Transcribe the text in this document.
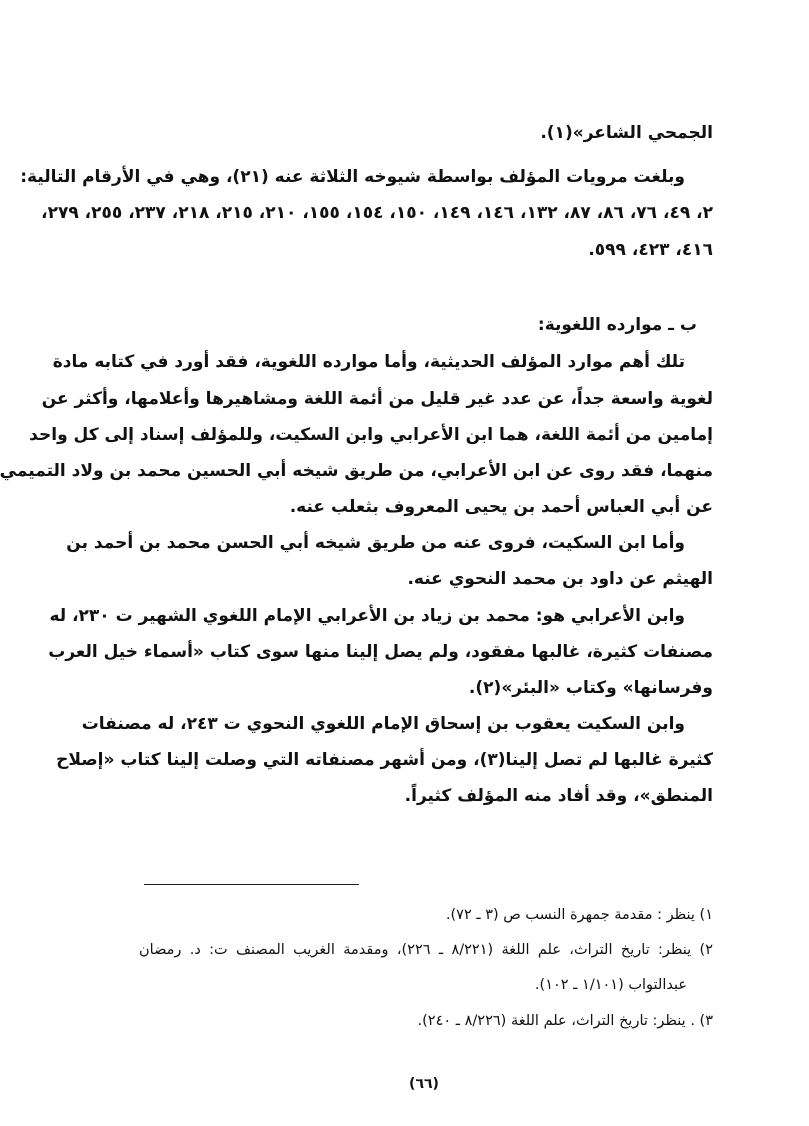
الجمحي الشاعر»(١).
وبلغت مرويات المؤلف بواسطة شيوخه الثلاثة عنه (٢١)، وهي في الأرقام التالية:
٢، ٤٩، ٧٦، ٨٦، ٨٧، ١٣٢، ١٤٦، ١٤٩، ١٥٠، ١٥٤، ١٥٥، ٢١٠، ٢١٥، ٢١٨، ٢٣٧، ٢٥٥، ٢٧٩،
٤١٦، ٤٢٣، ٥٩٩.
ب ـ موارده اللغوية:
تلك أهم موارد المؤلف الحديثية، وأما موارده اللغوية، فقد أورد في كتابه مادة
لغوية واسعة جداً، عن عدد غير قليل من أئمة اللغة ومشاهيرها وأعلامها، وأكثر عن
إمامين من أئمة اللغة، هما ابن الأعرابي وابن السكيت، وللمؤلف إسناد إلى كل واحد
منهما، فقد روى عن ابن الأعرابي، من طريق شيخه أبي الحسين محمد بن ولاد التميمي
عن أبي العباس أحمد بن يحيى المعروف بثعلب عنه.
وأما ابن السكيت، فروى عنه من طريق شيخه أبي الحسن محمد بن أحمد بن
الهيثم عن داود بن محمد النحوي عنه.
وابن الأعرابي هو: محمد بن زياد بن الأعرابي الإمام اللغوي الشهير ت ٢٣٠، له
مصنفات كثيرة، غالبها مفقود، ولم يصل إلينا منها سوى كتاب «أسماء خيل العرب
وفرسانها» وكتاب «البئر»(٢).
وابن السكيت يعقوب بن إسحاق الإمام اللغوي النحوي ت ٢٤٣، له مصنفات
كثيرة غالبها لم تصل إلينا(٣)، ومن أشهر مصنفاته التي وصلت إلينا كتاب «إصلاح
المنطق»، وقد أفاد منه المؤلف كثيراً.
١) ينظر : مقدمة جمهرة النسب ص (٣ ـ ٧٢).
٢) ينظر: تاريخ التراث، علم اللغة (٨/٢٢١ ـ ٢٢٦)، ومقدمة الغريب المصنف ت: د. رمضان
عبدالتواب (١/١٠١ ـ ١٠٢).
٣) . ينظر: تاريخ التراث، علم اللغة (٨/٢٢٦ ـ ٢٤٠).
(٦٦)
